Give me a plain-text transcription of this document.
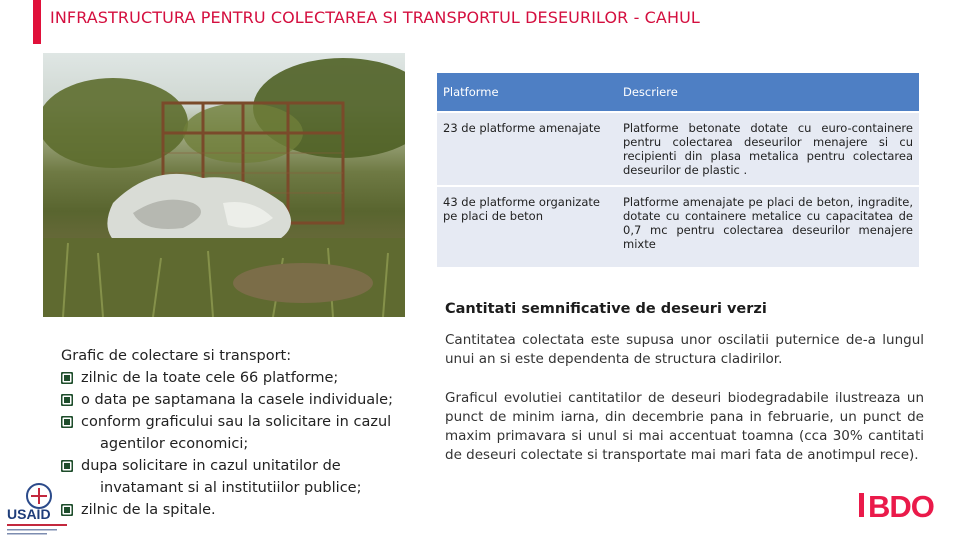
INFRASTRUCTURA PENTRU COLECTAREA SI TRANSPORTUL DESEURILOR - CAHUL
Platforme	Descriere
23 de platforme amenajate	Platforme betonate dotate cu euro-containere pentru colectarea deseurilor menajere si cu recipienti din plasa metalica pentru colectarea deseurilor de plastic .
43 de platforme organizate pe placi de beton	Platforme amenajate pe placi de beton, ingradite, dotate cu containere metalice cu capacitatea de 0,7 mc pentru colectarea deseurilor menajere mixte
Cantitati semnificative de deseuri verzi
Cantitatea colectata este supusa unor oscilatii puternice de-a lungul unui an si este dependenta de structura cladirilor.
Graficul evolutiei cantitatilor de deseuri biodegradabile ilustreaza un punct de minim iarna, din decembrie pana in februarie, un punct de maxim primavara si unul si mai accentuat toamna (cca 30% cantitati de deseuri colectate si transportate mai mari fata de anotimpul rece).
Grafic de colectare si transport:
zilnic de la toate cele 66 platforme;
o data pe saptamana la casele individuale;
conform graficului sau la solicitare in cazul
agentilor economici;
dupa solicitare in cazul unitatilor de
invatamant si al institutiilor publice;
zilnic de la spitale.
USAID	BDO
